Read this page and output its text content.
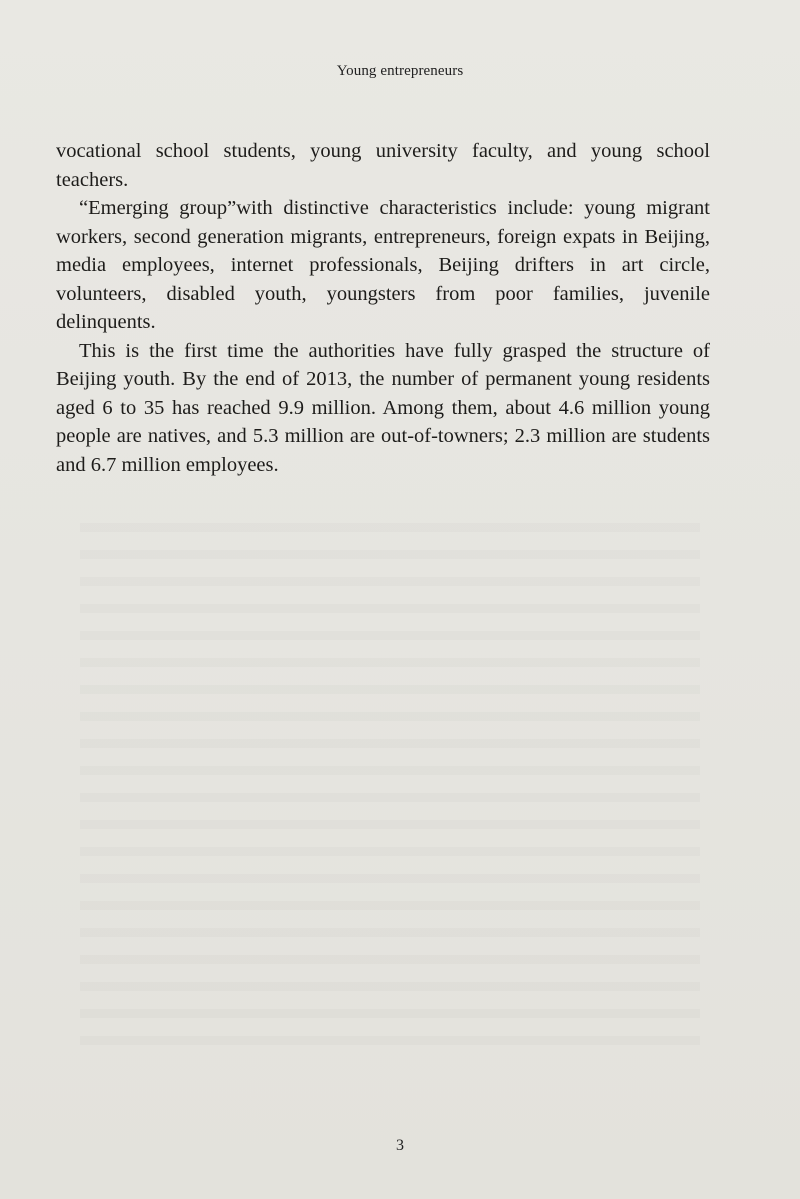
Young entrepreneurs

vocational school students, young university faculty, and young school teachers.

“Emerging group”with distinctive characteristics include: young migrant workers, second generation migrants, entrepreneurs, foreign expats in Beijing, media employees, internet professionals, Beijing drifters in art circle, volunteers, disabled youth, youngsters from poor families, juvenile delinquents.

This is the first time the authorities have fully grasped the structure of Beijing youth. By the end of 2013, the number of permanent young residents aged 6 to 35 has reached 9.9 million. Among them, about 4.6 million young people are natives, and 5.3 million are out-of-towners; 2.3 million are students and 6.7 million employees.

3
